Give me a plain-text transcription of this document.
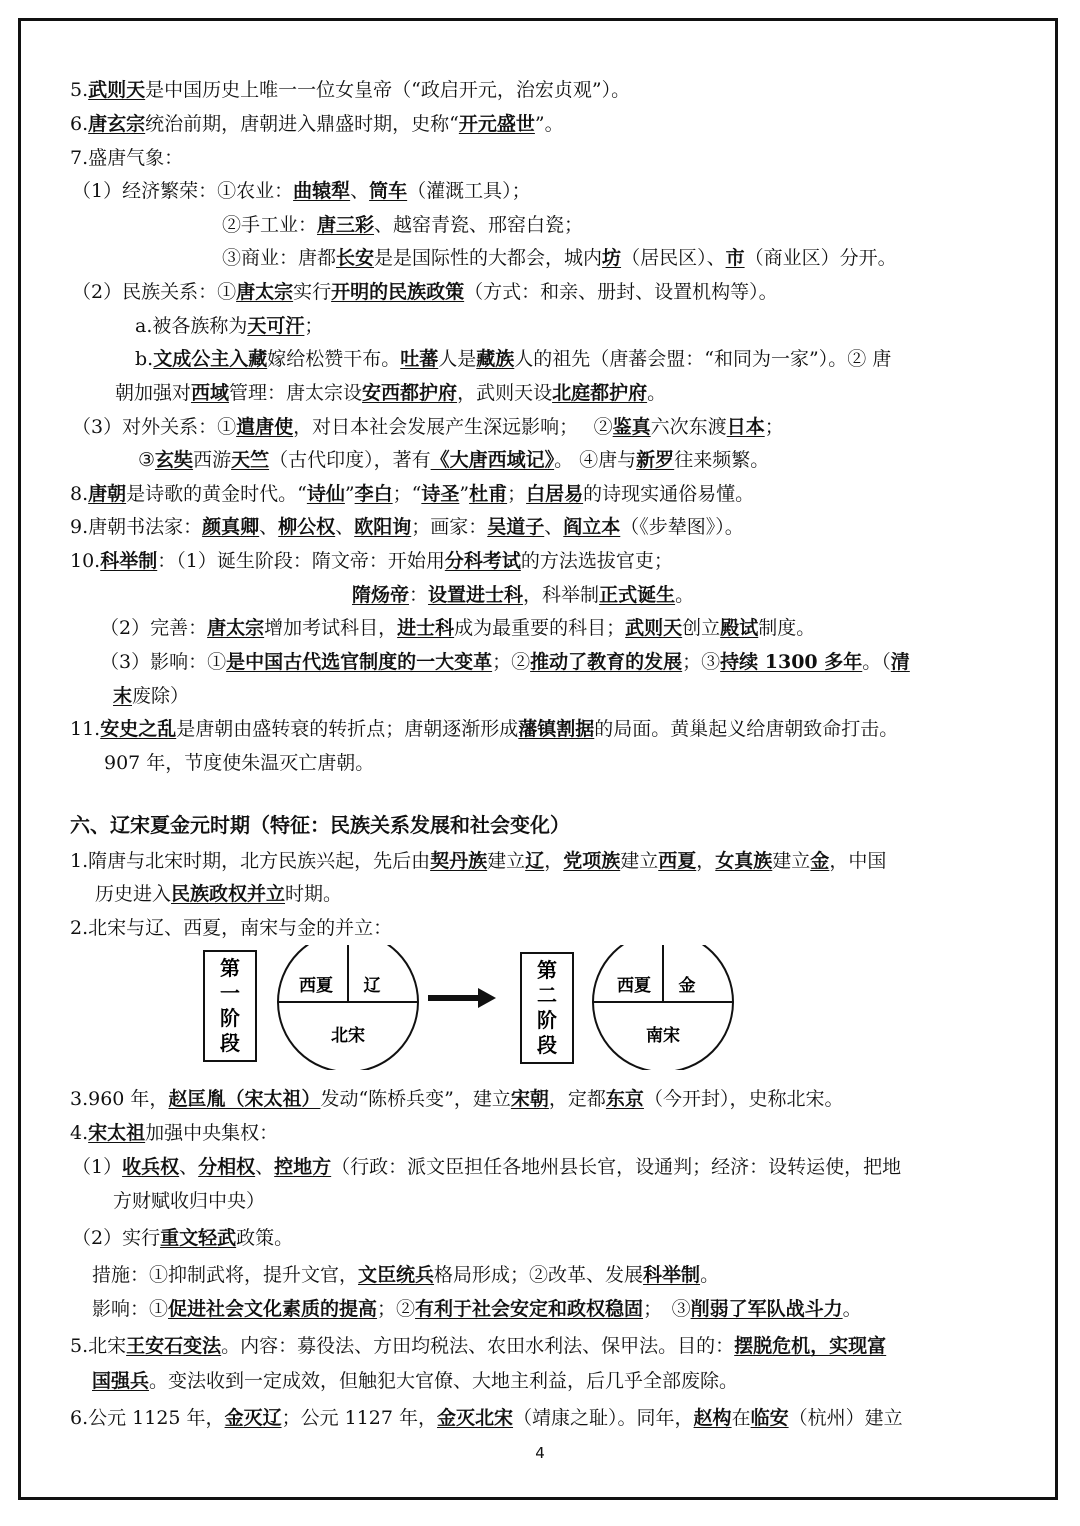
5.武则天是中国历史上唯一一位女皇帝（“政启开元，治宏贞观”）。
6.唐玄宗统治前期，唐朝进入鼎盛时期，史称“开元盛世”。
7.盛唐气象：
（1）经济繁荣：①农业：曲辕犁、筒车（灌溉工具）；
②手工业：唐三彩、越窑青瓷、邢窑白瓷；
③商业：唐都长安是是国际性的大都会，城内坊（居民区）、市（商业区）分开。
（2）民族关系：①唐太宗实行开明的民族政策（方式：和亲、册封、设置机构等）。
a.被各族称为天可汗；
b.文成公主入藏嫁给松赞干布。吐蕃人是藏族人的祖先（唐蕃会盟：“和同为一家”）。② 唐
朝加强对西域管理：唐太宗设安西都护府，武则天设北庭都护府。
（3）对外关系：①遣唐使，对日本社会发展产生深远影响；　 ②鉴真六次东渡日本；
③玄奘西游天竺（古代印度），著有《大唐西域记》。 ④唐与新罗往来频繁。
8.唐朝是诗歌的黄金时代。“诗仙”李白；“诗圣”杜甫；白居易的诗现实通俗易懂。
9.唐朝书法家：颜真卿、柳公权、欧阳询；画家：吴道子、阎立本（《步辇图》）。
10.科举制：（1）诞生阶段：隋文帝：开始用分科考试的方法选拔官吏；
隋炀帝：设置进士科，科举制正式诞生。
（2）完善：唐太宗增加考试科目，进士科成为最重要的科目；武则天创立殿试制度。
（3）影响：①是中国古代选官制度的一大变革；②推动了教育的发展；③持续 1300 多年。（清
末废除）
11.安史之乱是唐朝由盛转衰的转折点；唐朝逐渐形成藩镇割据的局面。黄巢起义给唐朝致命打击。
907 年，节度使朱温灭亡唐朝。
六、辽宋夏金元时期（特征：民族关系发展和社会变化）
1.隋唐与北宋时期，北方民族兴起，先后由契丹族建立辽，党项族建立西夏，女真族建立金，中国
历史进入民族政权并立时期。
2.北宋与辽、西夏，南宋与金的并立：
第一阶段
西夏 辽
北宋
第二阶段
西夏 金
南宋
3.960 年，赵匡胤（宋太祖）发动“陈桥兵变”，建立宋朝，定都东京（今开封），史称北宋。
4.宋太祖加强中央集权：
（1）收兵权、分相权、控地方（行政：派文臣担任各地州县长官，设通判；经济：设转运使，把地
方财赋收归中央）
（2）实行重文轻武政策。
措施：①抑制武将，提升文官，文臣统兵格局形成；②改革、发展科举制。
影响：①促进社会文化素质的提高；②有利于社会安定和政权稳固；　③削弱了军队战斗力。
5.北宋王安石变法。内容：募役法、方田均税法、农田水利法、保甲法。目的：摆脱危机，实现富
国强兵。变法收到一定成效，但触犯大官僚、大地主利益，后几乎全部废除。
6.公元 1125 年，金灭辽；公元 1127 年，金灭北宋（靖康之耻）。同年，赵构在临安（杭州）建立
4
